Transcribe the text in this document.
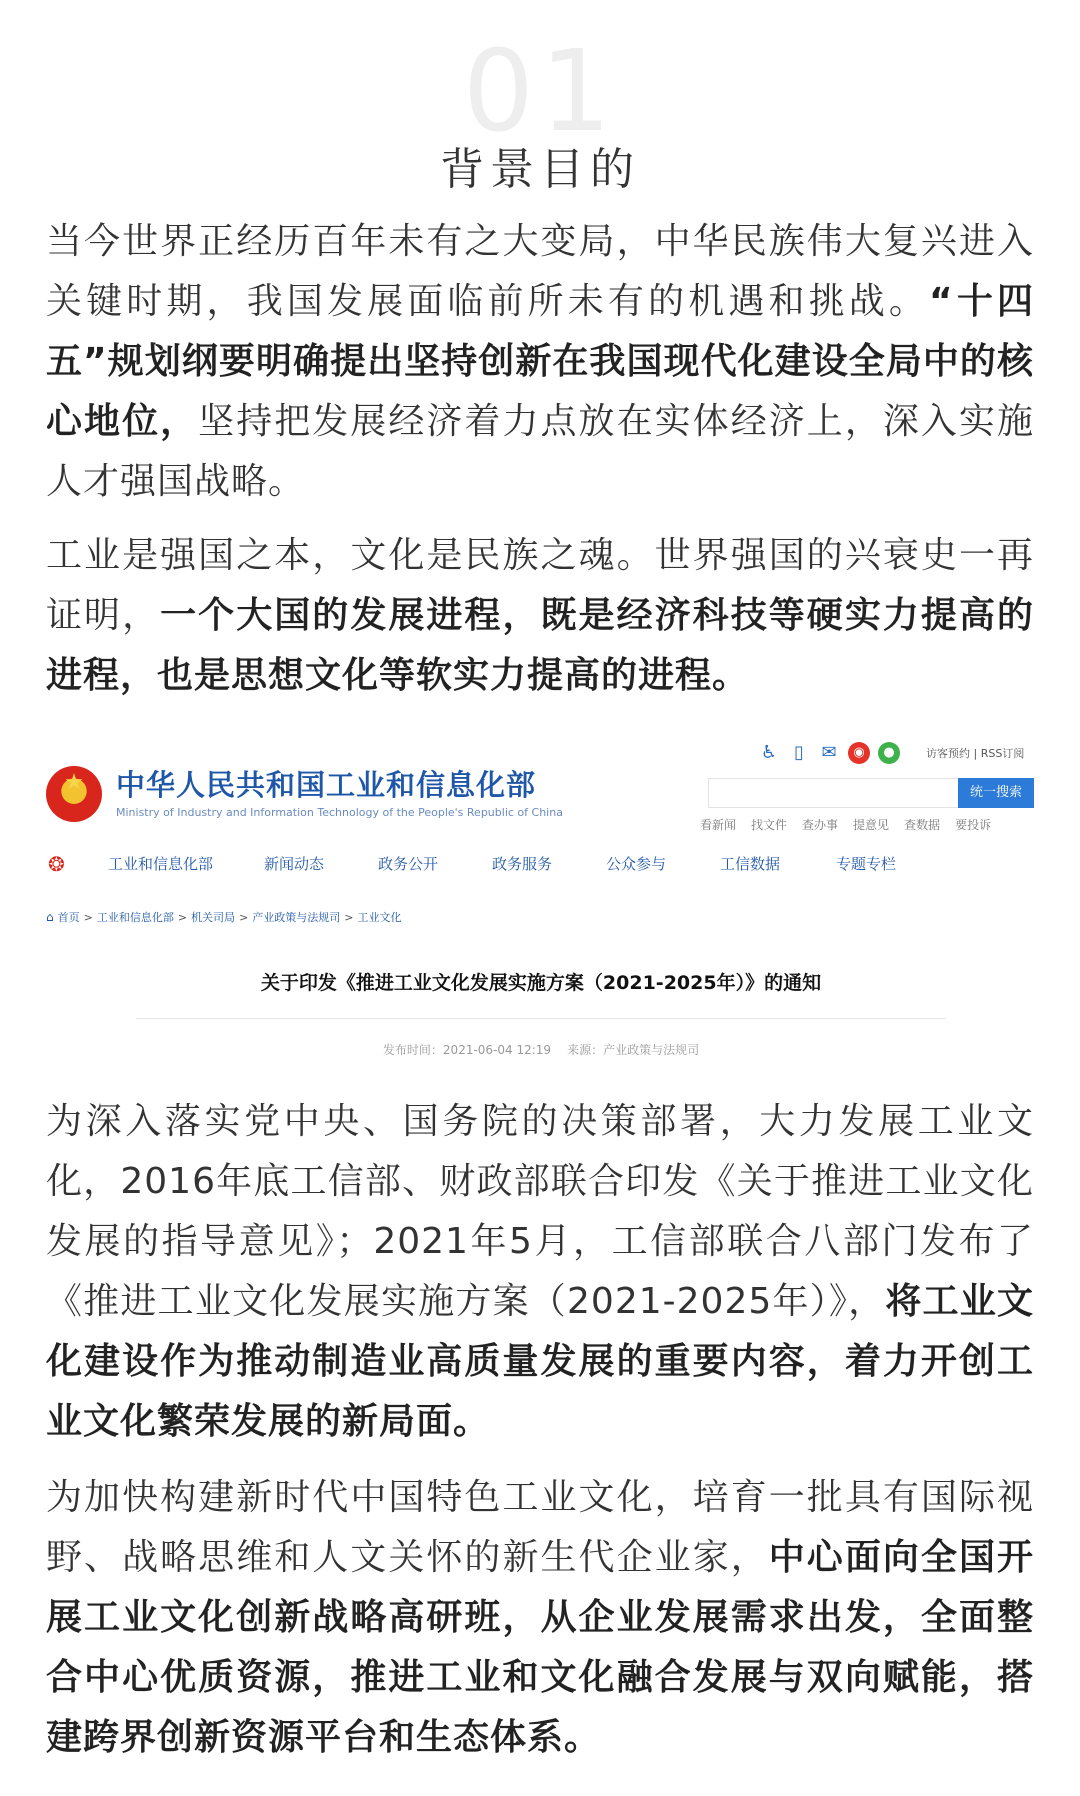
01
背景目的

当今世界正经历百年未有之大变局，中华民族伟大复兴进入关键时期，我国发展面临前所未有的机遇和挑战。“十四五”规划纲要明确提出坚持创新在我国现代化建设全局中的核心地位，坚持把发展经济着力点放在实体经济上，深入实施人才强国战略。

工业是强国之本，文化是民族之魂。世界强国的兴衰史一再证明，一个大国的发展进程，既是经济科技等硬实力提高的进程，也是思想文化等软实力提高的进程。

★	中华人民共和国工业和信息化部
Ministry of Industry and Information Technology of the People's Republic of China
♿ ▯ ✉ ◉ ●	访客预约 | RSS订阅
统一搜索
看新闻 找文件 查办事 提意见 查数据 要投诉
❂	工业和信息化部	新闻动态	政务公开	政务服务	公众参与	工信数据	专题专栏
⌂ 首页 > 工业和信息化部 > 机关司局 > 产业政策与法规司 > 工业文化
关于印发《推进工业文化发展实施方案（2021-2025年）》的通知
发布时间：2021-06-04 12:19 来源：产业政策与法规司

为深入落实党中央、国务院的决策部署，大力发展工业文化，2016年底工信部、财政部联合印发《关于推进工业文化发展的指导意见》；2021年5月，工信部联合八部门发布了《推进工业文化发展实施方案（2021-2025年）》，将工业文化建设作为推动制造业高质量发展的重要内容，着力开创工业文化繁荣发展的新局面。

为加快构建新时代中国特色工业文化，培育一批具有国际视野、战略思维和人文关怀的新生代企业家，中心面向全国开展工业文化创新战略高研班，从企业发展需求出发，全面整合中心优质资源，推进工业和文化融合发展与双向赋能，搭建跨界创新资源平台和生态体系。
